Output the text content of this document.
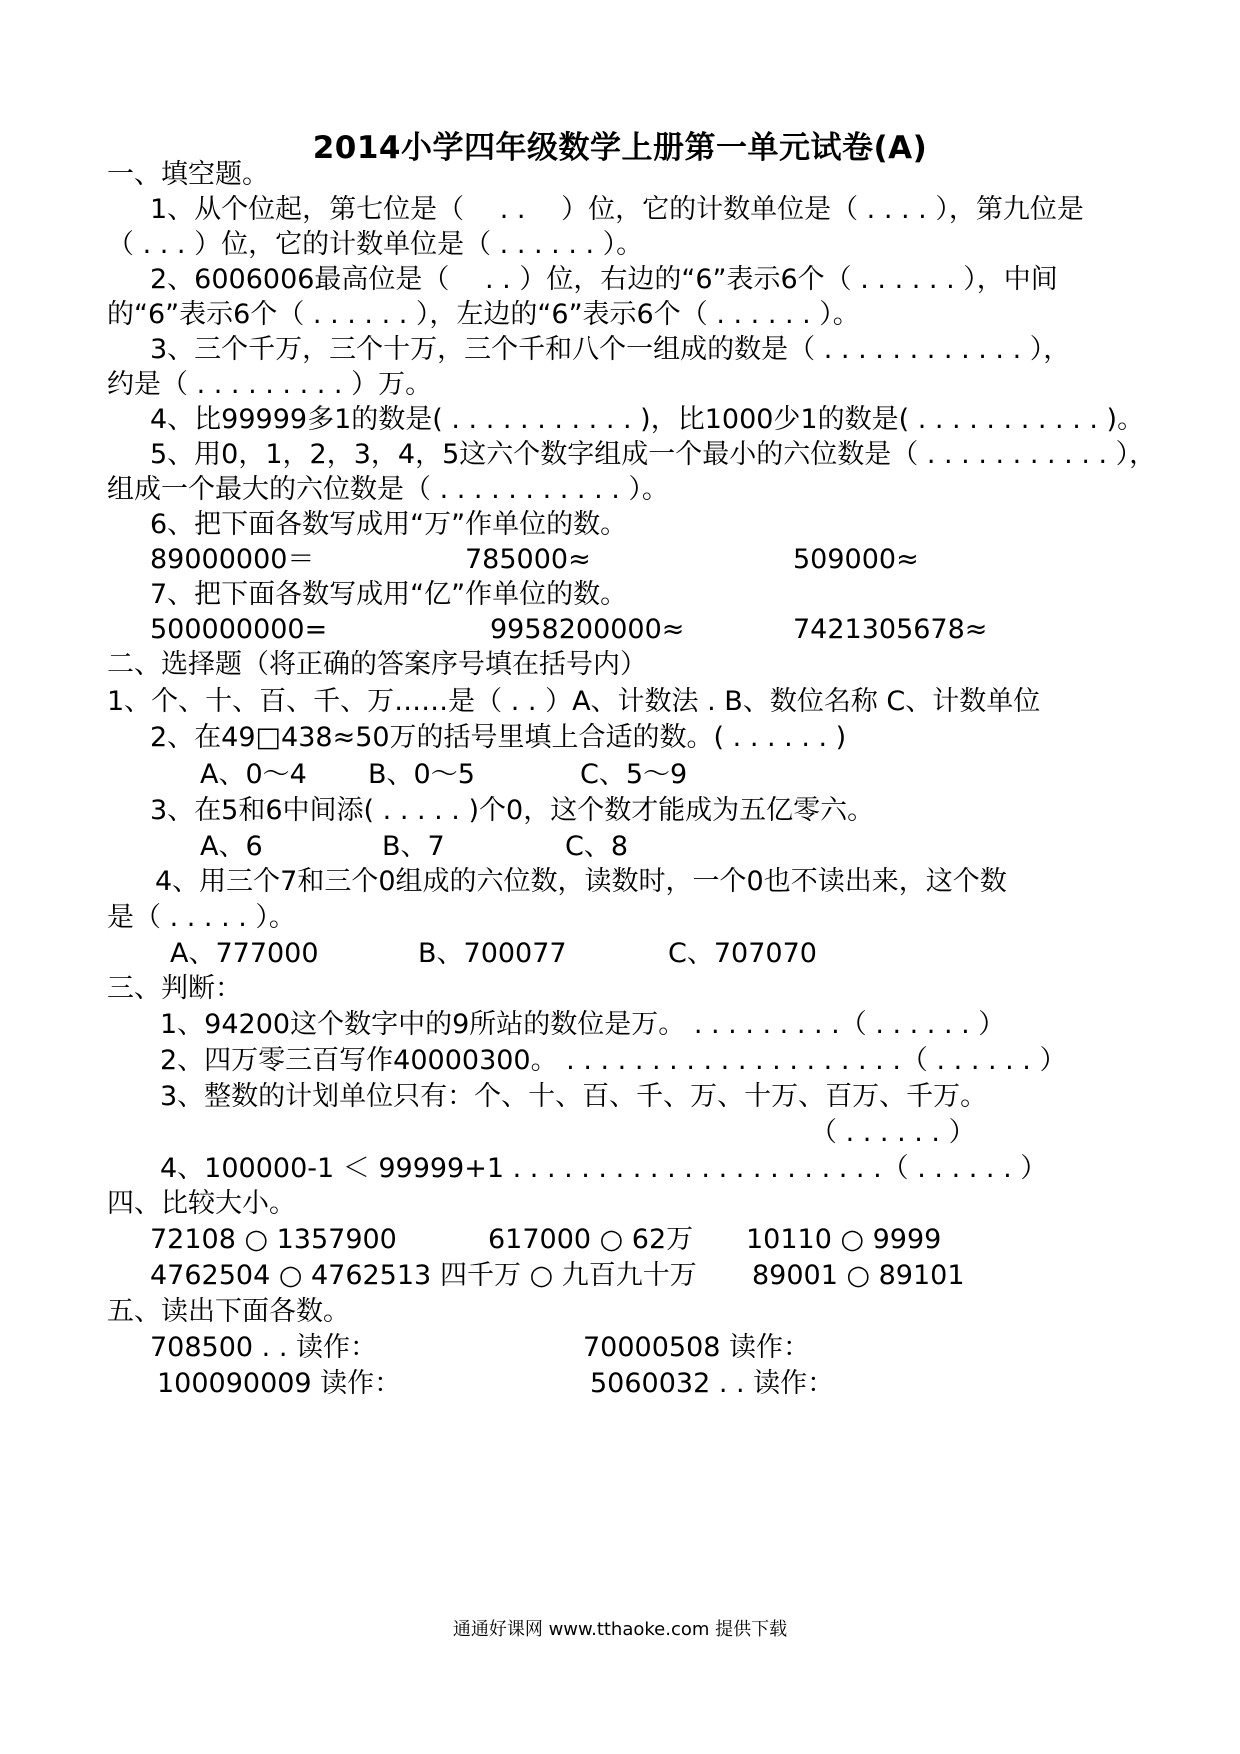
2014小学四年级数学上册第一单元试卷(A)
一、填空题。
1、从个位起，第七位是（　 . . 　）位，它的计数单位是（ . . . . ），第九位是
（ . . . ）位，它的计数单位是（ . . . . . . ）。
2、6006006最高位是（　 . . ）位，右边的“6”表示6个（ . . . . . . ），中间
的“6”表示6个（ . . . . . . ），左边的“6”表示6个（ . . . . . . ）。
3、三个千万，三个十万，三个千和八个一组成的数是（ . . . . . . . . . . . . ），
约是（ . . . . . . . . . ）万。
4、比99999多1的数是( . . . . . . . . . . . )，比1000少1的数是( . . . . . . . . . . . )。
5、用0，1，2，3，4，5这六个数字组成一个最小的六位数是（ . . . . . . . . . . . ），
组成一个最大的六位数是（ . . . . . . . . . . . ）。
6、把下面各数写成用“万”作单位的数。
89000000＝	785000≈	509000≈
7、把下面各数写成用“亿”作单位的数。
500000000=	9958200000≈	7421305678≈
二、选择题（将正确的答案序号填在括号内）
1、个、十、百、千、万……是（ . . ）A、计数法 . B、数位名称 C、计数单位
2、在49□438≈50万的括号里填上合适的数。( . . . . . . )
A、0～4 B、0～5	C、5～9
3、在5和6中间添( . . . . . )个0，这个数才能成为五亿零六。
A、6	B、7	C、8
4、用三个7和三个0组成的六位数，读数时，一个0也不读出来，这个数
是（ . . . . . ）。
A、777000	B、700077	C、707070
三、判断：
1、94200这个数字中的9所站的数位是万。 . . . . . . . . .（ . . . . . . ）
2、四万零三百写作40000300。 . . . . . . . . . . . . . . . . . . . .（ . . . . . . ）
3、整数的计划单位只有：个、十、百、千、万、十万、百万、千万。
（ . . . . . . ）
4、100000-1 ＜ 99999+1 . . . . . . . . . . . . . . . . . . . . . .（ . . . . . . ）
四、比较大小。
72108 ○ 1357900	617000 ○ 62万 10110 ○ 9999
4762504 ○ 4762513 四千万 ○ 九百九十万 89001 ○ 89101
五、读出下面各数。
708500 . . 读作：	70000508 读作：
100090009 读作：	5060032 . . 读作：
通通好课网 www.tthaoke.com 提供下载
